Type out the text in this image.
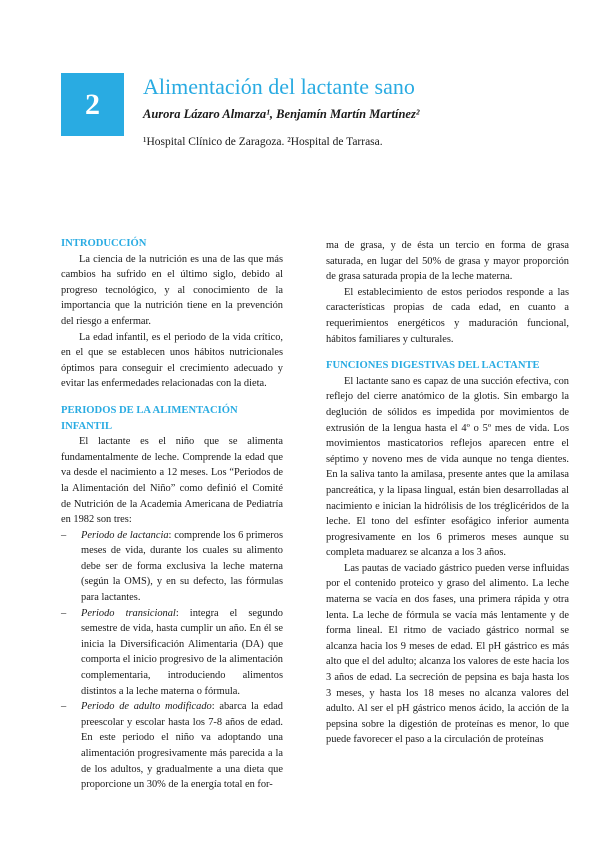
2
Alimentación del lactante sano
Aurora Lázaro Almarza¹, Benjamín Martín Martínez²
¹Hospital Clínico de Zaragoza. ²Hospital de Tarrasa.
INTRODUCCIÓN

La ciencia de la nutrición es una de las que más cambios ha sufrido en el último siglo, debido al progreso tecnológico, y al conocimiento de la importancia que la nutrición tiene en la prevención del riesgo a enfermar.

La edad infantil, es el periodo de la vida crítico, en el que se establecen unos hábitos nutricionales óptimos para conseguir el crecimiento adecuado y evitar las enfermedades relacionadas con la dieta.

PERIODOS DE LA ALIMENTACIÓN INFANTIL

El lactante es el niño que se alimenta fundamentalmente de leche. Comprende la edad que va desde el nacimiento a 12 meses. Los “Periodos de la Alimentación del Niño” como definió el Comité de Nutrición de la Academia Americana de Pediatría en 1982 son tres:

– Periodo de lactancia: comprende los 6 primeros meses de vida, durante los cuales su alimento debe ser de forma exclusiva la leche materna (según la OMS), y en su defecto, las fórmulas para lactantes.
– Periodo transicional: integra el segundo semestre de vida, hasta cumplir un año. En él se inicia la Diversificación Alimentaria (DA) que comporta el inicio progresivo de la alimentación complementaria, introduciendo alimentos distintos a la leche materna o fórmula.
– Periodo de adulto modificado: abarca la edad preescolar y escolar hasta los 7-8 años de edad. En este periodo el niño va adoptando una alimentación progresivamente más parecida a la de los adultos, y gradualmente a una dieta que proporcione un 30% de la energía total en for-

ma de grasa, y de ésta un tercio en forma de grasa saturada, en lugar del 50% de grasa y mayor proporción de grasa saturada propia de la leche materna.

El establecimiento de estos periodos responde a las características propias de cada edad, en cuanto a requerimientos energéticos y maduración funcional, hábitos familiares y culturales.

FUNCIONES DIGESTIVAS DEL LACTANTE

El lactante sano es capaz de una succión efectiva, con reflejo del cierre anatómico de la glotis. Sin embargo la deglución de sólidos es impedida por movimientos de extrusión de la lengua hasta el 4º o 5º mes de vida. Los movimientos masticatorios reflejos aparecen entre el séptimo y noveno mes de vida aunque no tenga dientes. En la saliva tanto la amilasa, presente antes que la amilasa pancreática, y la lipasa lingual, están bien desarrolladas al nacimiento e inician la hidrólisis de los tréglicéridos de la leche. El tono del esfínter esofágico inferior aumenta progresivamente en los 6 primeros meses aunque su completa maduarez se alcanza a los 3 años.

Las pautas de vaciado gástrico pueden verse influidas por el contenido proteico y graso del alimento. La leche materna se vacía en dos fases, una primera rápida y otra lenta. La leche de fórmula se vacía más lentamente y de forma lineal. El ritmo de vaciado gástrico normal se alcanza hacia los 9 meses de edad. El pH gástrico es más alto que el del adulto; alcanza los valores de este hacia los 3 años de edad. La secreción de pepsina es baja hasta los 3 meses, y hasta los 18 meses no alcanza valores del adulto. Al ser el pH gástrico menos ácido, la acción de la pepsina sobre la digestión de proteínas es menor, lo que puede favorecer el paso a la circulación de proteínas
